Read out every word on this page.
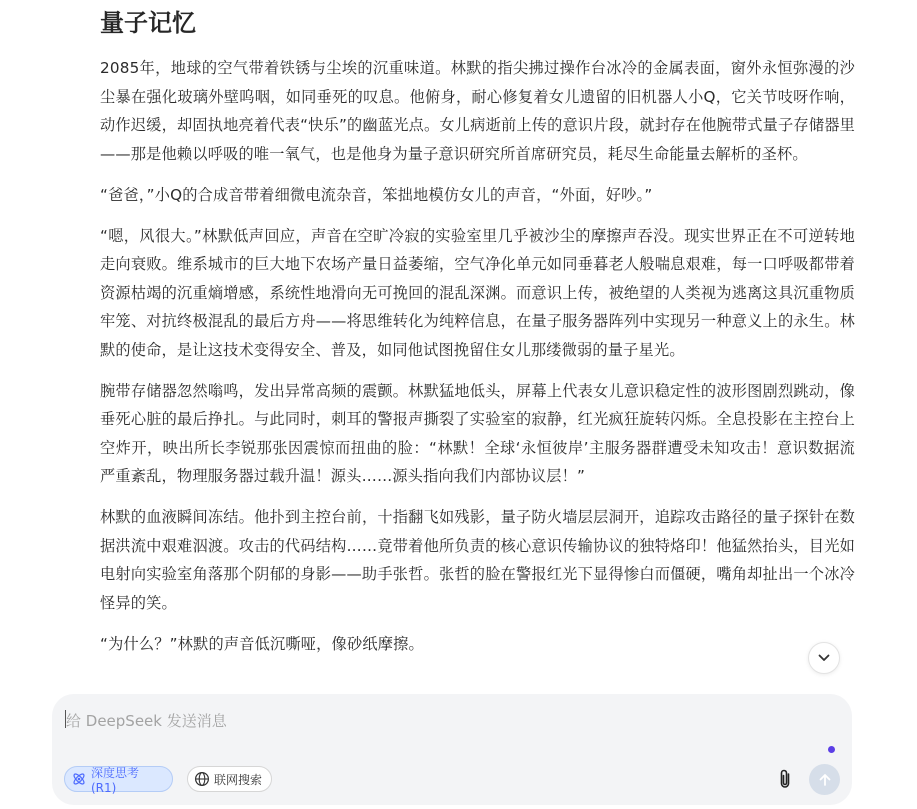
量子记忆

2085年，地球的空气带着铁锈与尘埃的沉重味道。林默的指尖拂过操作台冰冷的金属表面，窗外永恒弥漫的沙尘暴在强化玻璃外壁呜咽，如同垂死的叹息。他俯身，耐心修复着女儿遗留的旧机器人小Q，它关节吱呀作响，动作迟缓，却固执地亮着代表“快乐”的幽蓝光点。女儿病逝前上传的意识片段，就封存在他腕带式量子存储器里——那是他赖以呼吸的唯一氧气，也是他身为量子意识研究所首席研究员，耗尽生命能量去解析的圣杯。

“爸爸，”小Q的合成音带着细微电流杂音，笨拙地模仿女儿的声音，“外面，好吵。”

“嗯，风很大。”林默低声回应，声音在空旷冷寂的实验室里几乎被沙尘的摩擦声吞没。现实世界正在不可逆转地走向衰败。维系城市的巨大地下农场产量日益萎缩，空气净化单元如同垂暮老人般喘息艰难，每一口呼吸都带着资源枯竭的沉重熵增感，系统性地滑向无可挽回的混乱深渊。而意识上传，被绝望的人类视为逃离这具沉重物质牢笼、对抗终极混乱的最后方舟——将思维转化为纯粹信息，在量子服务器阵列中实现另一种意义上的永生。林默的使命，是让这技术变得安全、普及，如同他试图挽留住女儿那缕微弱的量子星光。

腕带存储器忽然嗡鸣，发出异常高频的震颤。林默猛地低头，屏幕上代表女儿意识稳定性的波形图剧烈跳动，像垂死心脏的最后挣扎。与此同时，刺耳的警报声撕裂了实验室的寂静，红光疯狂旋转闪烁。全息投影在主控台上空炸开，映出所长李锐那张因震惊而扭曲的脸：“林默！全球‘永恒彼岸’主服务器群遭受未知攻击！意识数据流严重紊乱，物理服务器过载升温！源头……源头指向我们内部协议层！”

林默的血液瞬间冻结。他扑到主控台前，十指翻飞如残影，量子防火墙层层洞开，追踪攻击路径的量子探针在数据洪流中艰难泅渡。攻击的代码结构……竟带着他所负责的核心意识传输协议的独特烙印！他猛然抬头，目光如电射向实验室角落那个阴郁的身影——助手张哲。张哲的脸在警报红光下显得惨白而僵硬，嘴角却扯出一个冰冷怪异的笑。

“为什么？”林默的声音低沉嘶哑，像砂纸摩擦。

给 DeepSeek 发送消息
深度思考 (R1)
联网搜索
